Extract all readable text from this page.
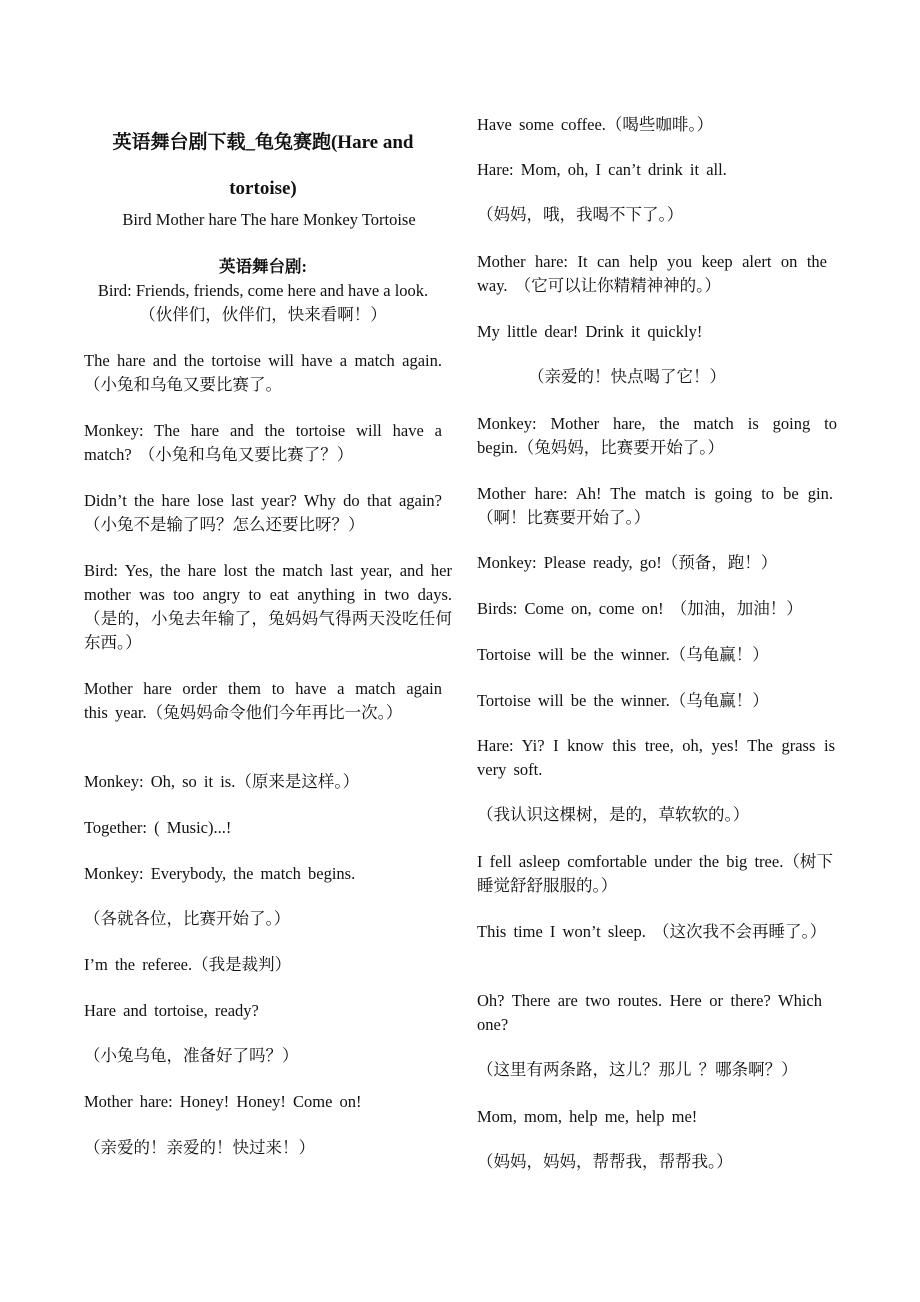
英语舞台剧下载_龟兔赛跑(Hare and tortoise)

Bird Mother hare The hare Monkey Tortoise

英语舞台剧:

Bird: Friends, friends, come here and have a look. （伙伴们，伙伴们，快来看啊！）

The hare and the tortoise will have a match again.（小兔和乌龟又要比赛了。

Monkey: The hare and the tortoise will have a match? （小兔和乌龟又要比赛了？）

Didn’t the hare lose last year? Why do that again?（小兔不是输了吗？怎么还要比呀？）

Bird: Yes, the hare lost the match last year, and her mother was too angry to eat anything in two days.（是的，小兔去年输了，兔妈妈气得两天没吃任何东西。）

Mother hare order them to have a match again this year.（兔妈妈命令他们今年再比一次。）

Monkey: Oh, so it is.（原来是这样。）

Together: ( Music)...!

Monkey: Everybody, the match begins.

（各就各位，比赛开始了。）

I’m the referee.（我是裁判）

Hare and tortoise, ready?

（小兔乌龟，准备好了吗？）

Mother hare: Honey! Honey! Come on!

（亲爱的！亲爱的！快过来！）

Have some coffee.（喝些咖啡。）

Hare: Mom, oh, I can’t drink it all.

（妈妈，哦，我喝不下了。）

Mother hare: It can help you keep alert on the way. （它可以让你精精神神的。）

My little dear! Drink it quickly!

（亲爱的！快点喝了它！）

Monkey: Mother hare, the match is going to begin.（兔妈妈，比赛要开始了。）

Mother hare: Ah! The match is going to be gin.（啊！比赛要开始了。）

Monkey: Please ready, go!（预备，跑！）

Birds: Come on, come on! （加油，加油！）

Tortoise will be the winner.（乌龟赢！）

Tortoise will be the winner.（乌龟赢！）

Hare: Yi? I know this tree, oh, yes! The grass is very soft.

（我认识这棵树，是的，草软软的。）

I fell asleep comfortable under the big tree.（树下睡觉舒舒服服的。）

This time I won’t sleep. （这次我不会再睡了。）

Oh? There are two routes. Here or there? Which one?

（这里有两条路，这儿？那儿 ？哪条啊？）

Mom, mom, help me, help me!

（妈妈，妈妈，帮帮我，帮帮我。）
